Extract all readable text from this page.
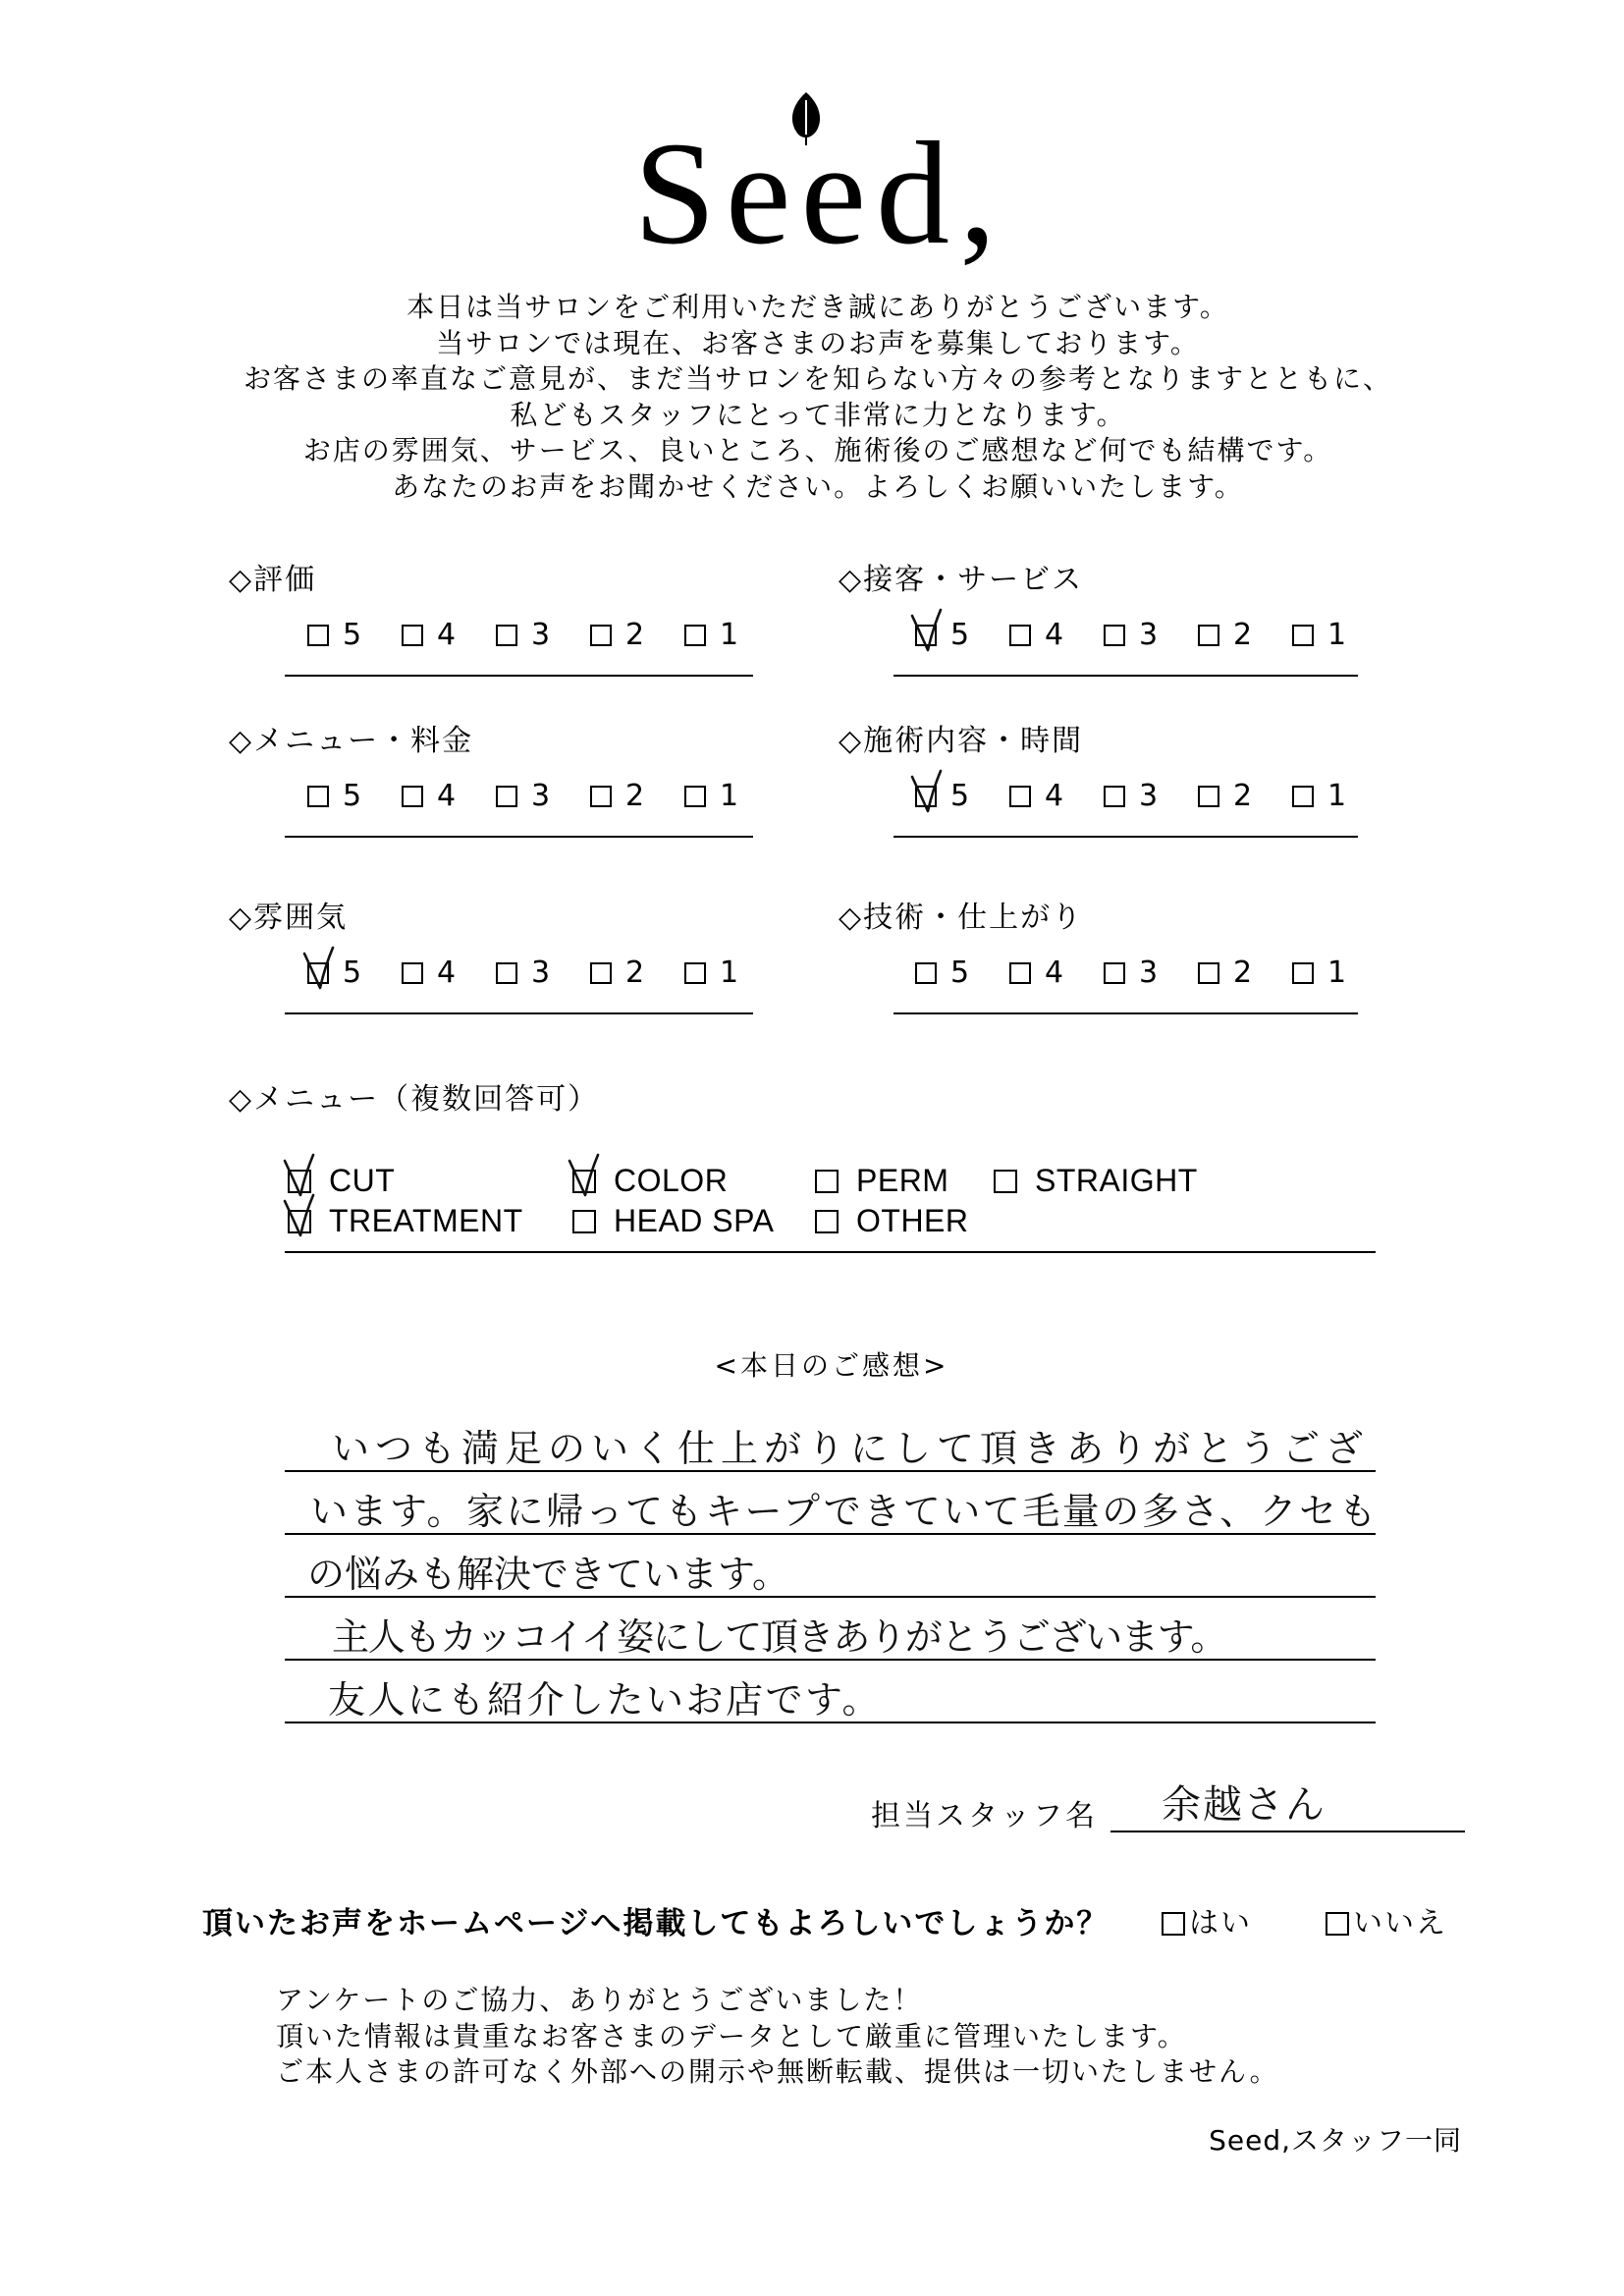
Seed,
本日は当サロンをご利用いただき誠にありがとうございます。
当サロンでは現在、お客さまのお声を募集しております。
お客さまの率直なご意見が、まだ当サロンを知らない方々の参考となりますとともに、
私どもスタッフにとって非常に力となります。
お店の雰囲気、サービス、良いところ、施術後のご感想など何でも結構です。
あなたのお声をお聞かせください。よろしくお願いいたします。
◇評価
5	4	3	2	1
◇接客・サービス
5	4	3	2	1
◇メニュー・料金
5	4	3	2	1
◇施術内容・時間
5	4	3	2	1
◇雰囲気
5	4	3	2	1
◇技術・仕上がり
5	4	3	2	1
◇メニュー（複数回答可）
CUT	COLOR	PERM	STRAIGHT
TREATMENT	HEAD SPA	OTHER
<本日のご感想>
いつも満足のいく仕上がりにして頂きありがとうござ
います。家に帰ってもキープできていて毛量の多さ、クセも
の悩みも解決できています。
主人もカッコイイ姿にして頂きありがとうございます。
友人にも紹介したいお店です。
担当スタッフ名 余越さん
頂いたお声をホームページへ掲載してもよろしいでしょうか？	はい	いいえ
アンケートのご協力、ありがとうございました！
頂いた情報は貴重なお客さまのデータとして厳重に管理いたします。
ご本人さまの許可なく外部への開示や無断転載、提供は一切いたしません。
Seed,スタッフ一同
